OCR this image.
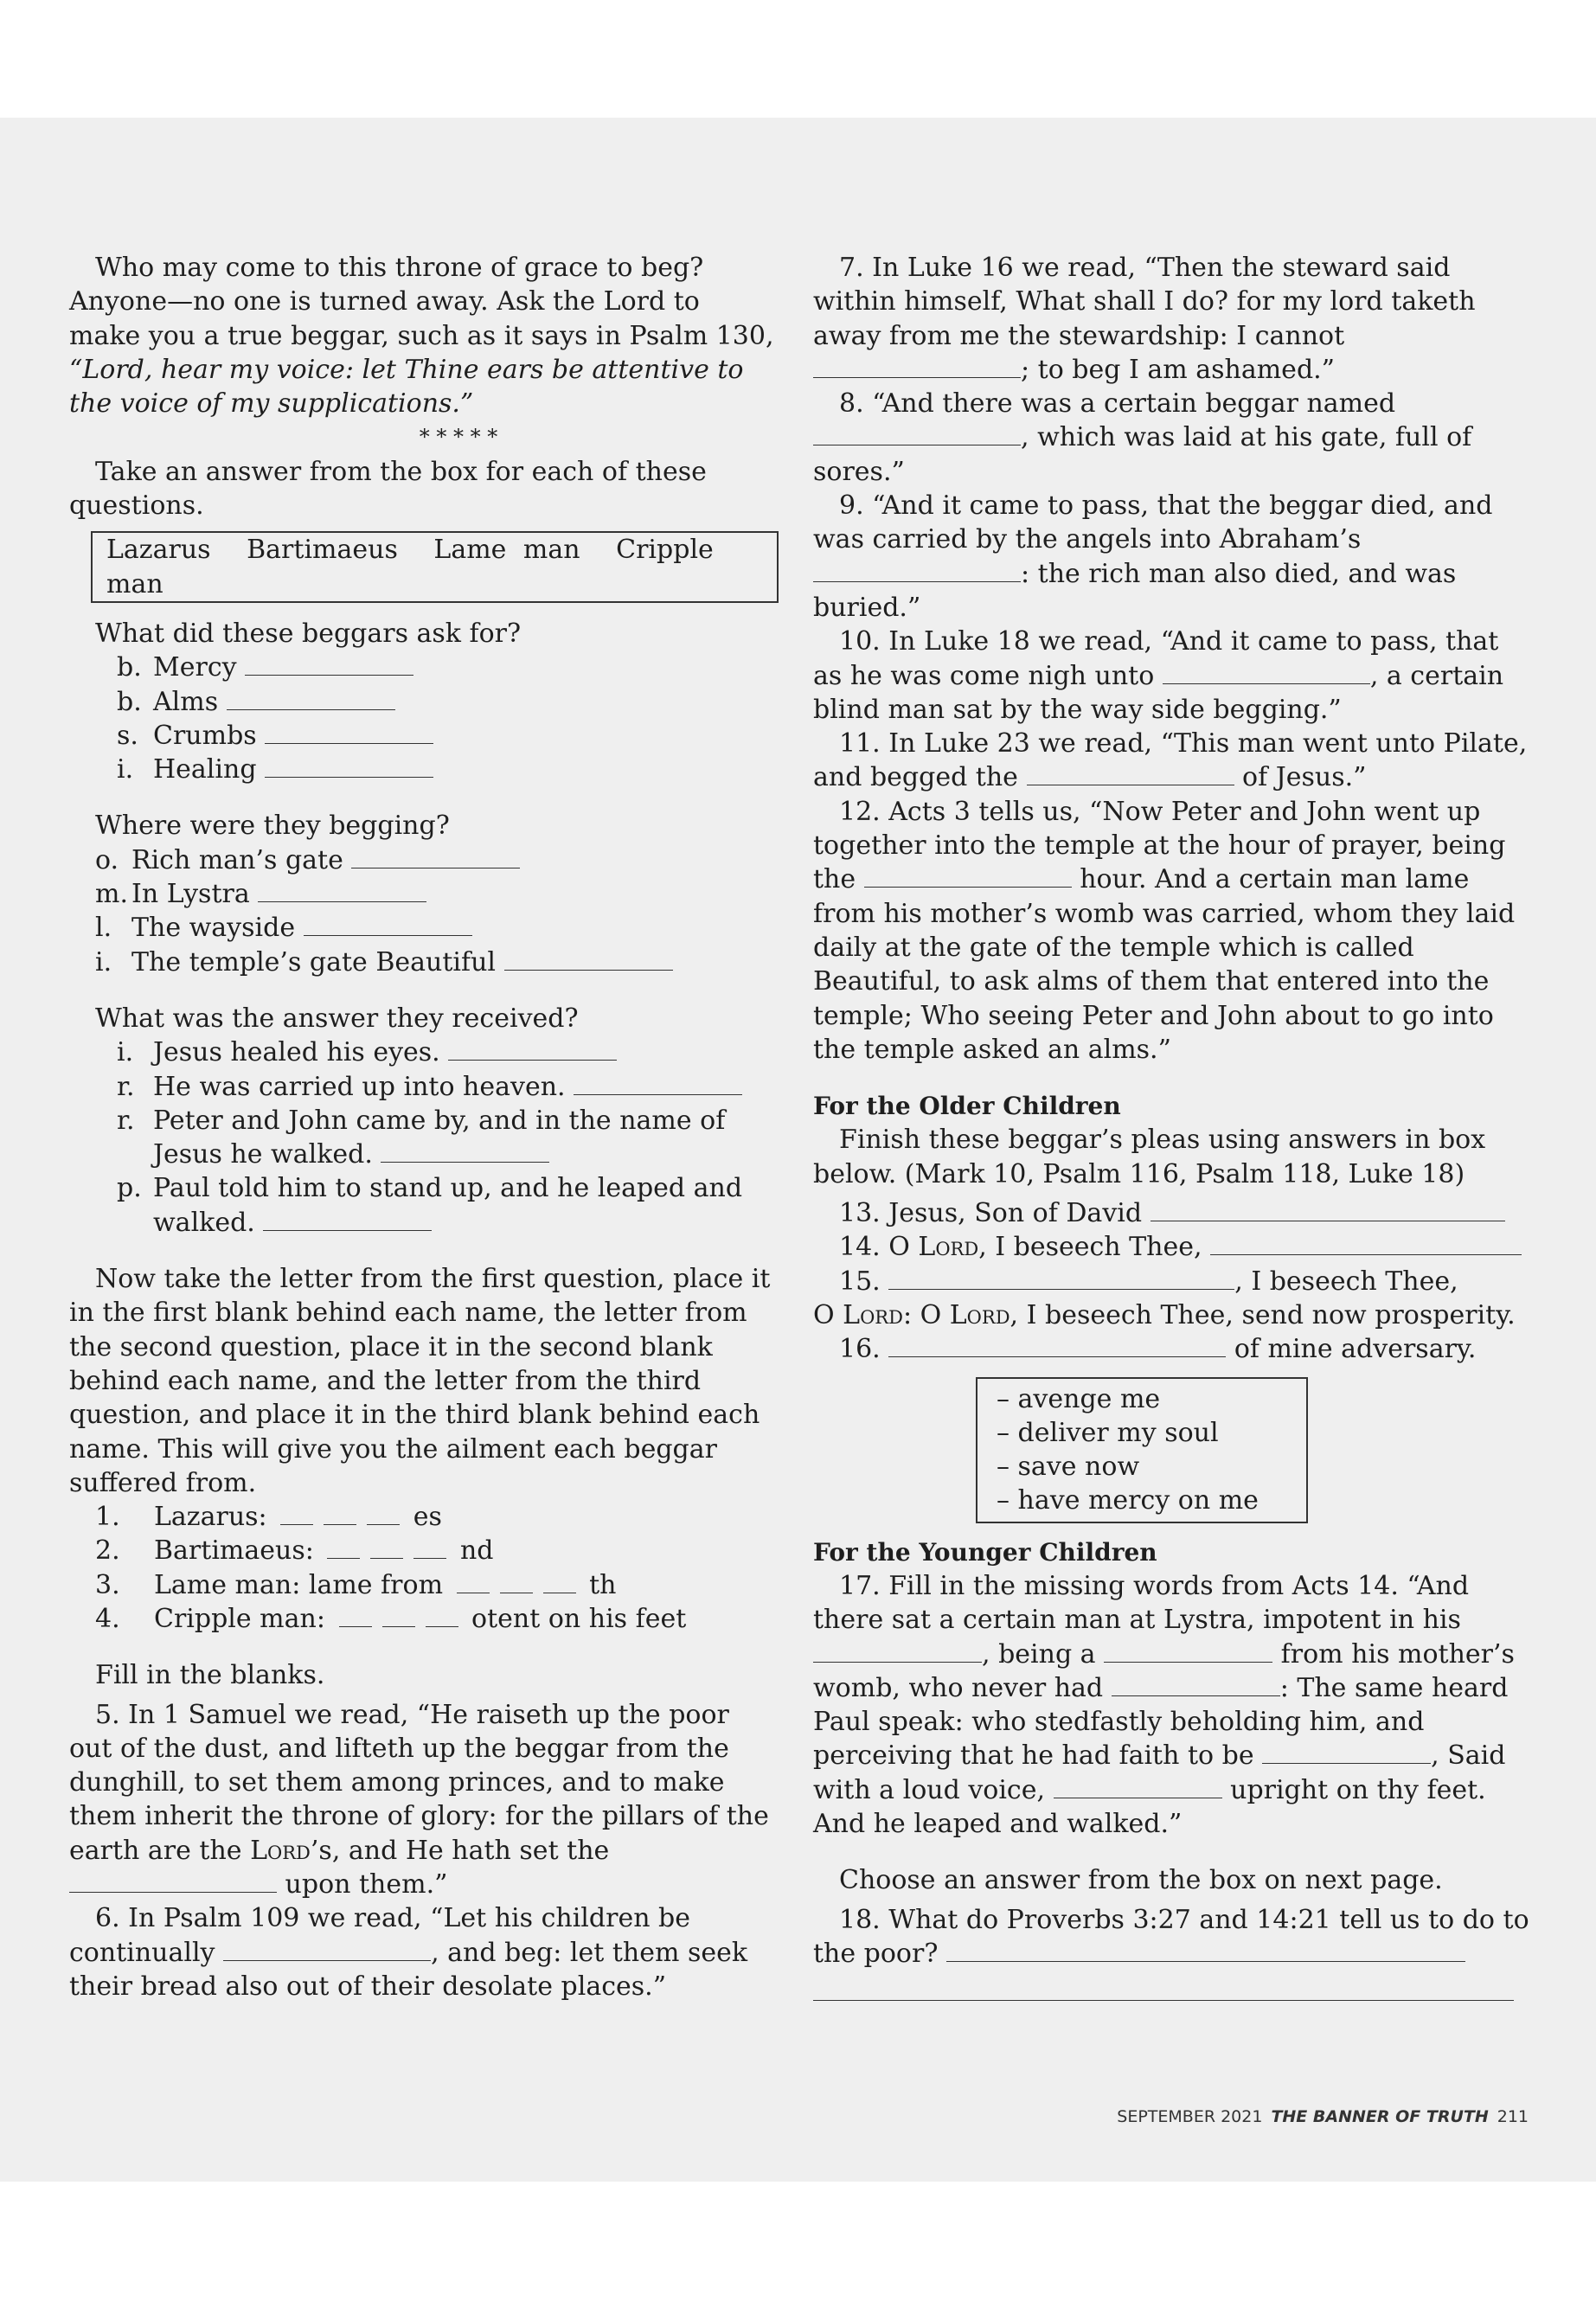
Who may come to this throne of grace to beg? Anyone—no one is turned away. Ask the Lord to make you a true beggar, such as it says in Psalm 130, “Lord, hear my voice: let Thine ears be attentive to the voice of my supplications.”

* * * * *

Take an answer from the box for each of these questions.

Lazarus Bartimaeus Lame man Cripple man

What did these beggars ask for?

b. Mercy
b. Alms
s. Crumbs
i. Healing

Where were they begging?

o. Rich man’s gate
m. In Lystra
l. The wayside
i. The temple’s gate Beautiful

What was the answer they received?

i. Jesus healed his eyes.
r. He was carried up into heaven.
r. Peter and John came by, and in the name of Jesus he walked.
p. Paul told him to stand up, and he leaped and walked.

Now take the letter from the first question, place it in the first blank behind each name, the letter from the second question, place it in the second blank behind each name, and the letter from the third question, and place it in the third blank behind each name. This will give you the ailment each beggar suffered from.

1.	Lazarus:	es
2.	Bartimaeus:	nd
3.	Lame man: lame from	th
4.	Cripple man:	otent on his feet

Fill in the blanks.

5. In 1 Samuel we read, “He raiseth up the poor out of the dust, and lifteth up the beggar from the dunghill, to set them among princes, and to make them inherit the throne of glory: for the pillars of the earth are the Lord’s, and He hath set the  upon them.”

6. In Psalm 109 we read, “Let his children be continually	, and beg: let them seek their bread also out of their desolate places.”

7. In Luke 16 we read, “Then the steward said within himself, What shall I do? for my lord taketh away from me the stewardship: I cannot ; to beg I am ashamed.”

8. “And there was a certain beggar named , which was laid at his gate, full of sores.”

9. “And it came to pass, that the beggar died, and was carried by the angels into Abraham’s : the rich man also died, and was buried.”

10. In Luke 18 we read, “And it came to pass, that as he was come nigh unto	, a certain blind man sat by the way side begging.”

11. In Luke 23 we read, “This man went unto Pilate, and begged the	of Jesus.”

12. Acts 3 tells us, “Now Peter and John went up together into the temple at the hour of prayer, being the	hour. And a certain man lame from his mother’s womb was carried, whom they laid daily at the gate of the temple which is called Beautiful, to ask alms of them that entered into the temple; Who seeing Peter and John about to go into the temple asked an alms.”

For the Older Children

Finish these beggar’s pleas using answers in box below. (Mark 10, Psalm 116, Psalm 118, Luke 18)

13. Jesus, Son of David

14. O Lord, I beseech Thee,

15.	, I beseech Thee,

O Lord: O Lord, I beseech Thee, send now prosperity.

16.	of mine adversary.

– avenge me

– deliver my soul

– save now

– have mercy on me

For the Younger Children

17. Fill in the missing words from Acts 14. “And there sat a certain man at Lystra, impotent in his , being a	from his mother’s womb, who never had	: The same heard Paul speak: who stedfastly beholding him, and perceiving that he had faith to be	, Said with a loud voice,	upright on thy feet. And he leaped and walked.”

Choose an answer from the box on next page.

18. What do Proverbs 3:27 and 14:21 tell us to do to the poor?

SEPTEMBER 2021 THE BANNER OF TRUTH 211
